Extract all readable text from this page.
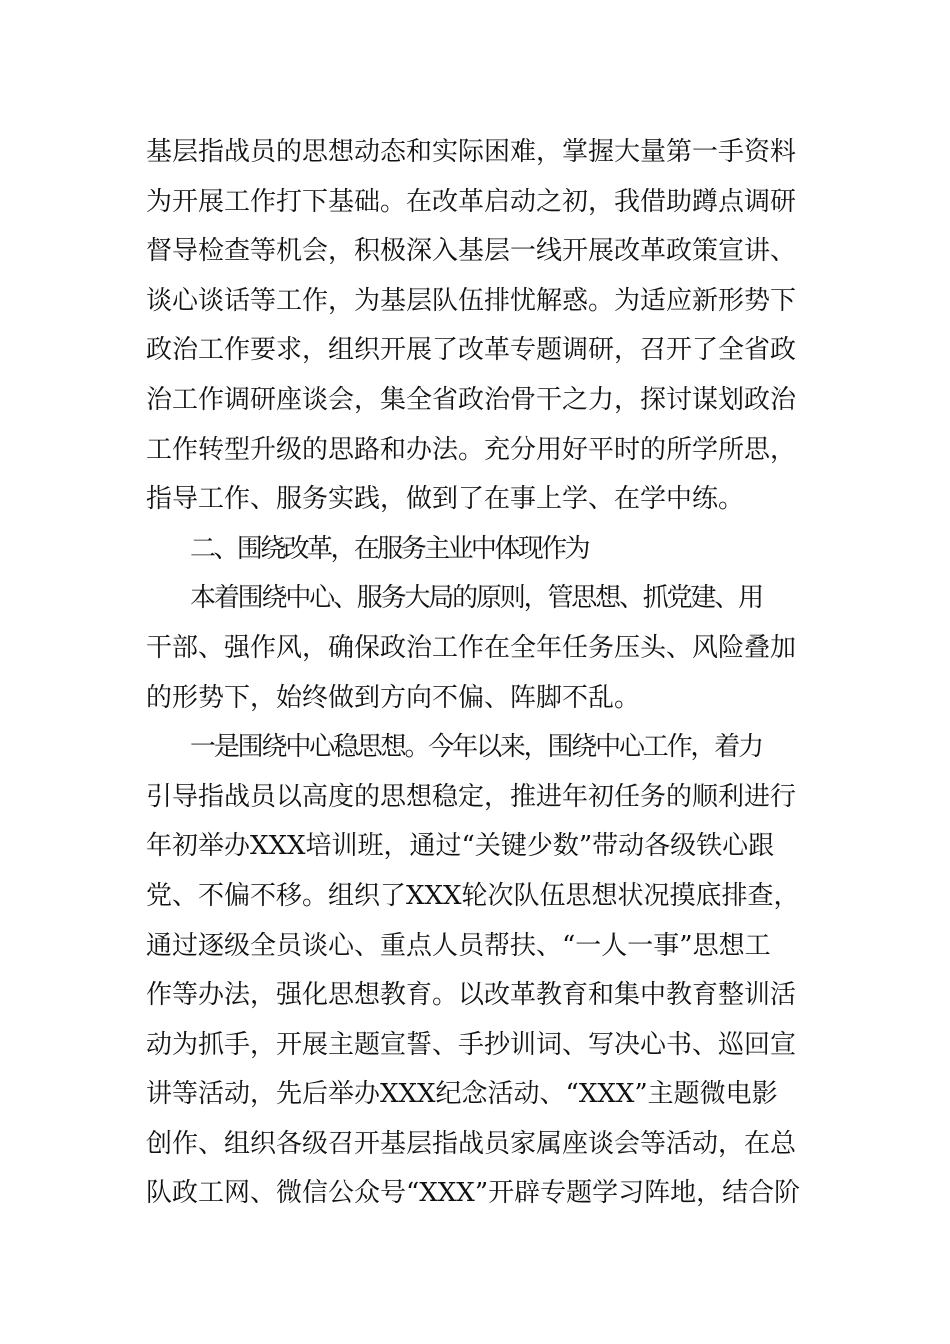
基层指战员的思想动态和实际困难，掌握大量第一手资料
为开展工作打下基础。在改革启动之初，我借助蹲点调研
督导检查等机会，积极深入基层一线开展改革政策宣讲、
谈心谈话等工作，为基层队伍排忧解惑。为适应新形势下
政治工作要求，组织开展了改革专题调研，召开了全省政
治工作调研座谈会，集全省政治骨干之力，探讨谋划政治
工作转型升级的思路和办法。充分用好平时的所学所思，
指导工作、服务实践，做到了在事上学、在学中练。
二、围绕改革，在服务主业中体现作为
本着围绕中心、服务大局的原则，管思想、抓党建、用
干部、强作风，确保政治工作在全年任务压头、风险叠加
的形势下，始终做到方向不偏、阵脚不乱。
一是围绕中心稳思想。今年以来，围绕中心工作，着力
引导指战员以高度的思想稳定，推进年初任务的顺利进行
年初举办XXX培训班，通过“关键少数”带动各级铁心跟
党、不偏不移。组织了XXX轮次队伍思想状况摸底排查，
通过逐级全员谈心、重点人员帮扶、“一人一事”思想工
作等办法，强化思想教育。以改革教育和集中教育整训活
动为抓手，开展主题宣誓、手抄训词、写决心书、巡回宣
讲等活动，先后举办XXX纪念活动、“XXX”主题微电影
创作、组织各级召开基层指战员家属座谈会等活动，在总
队政工网、微信公众号“XXX”开辟专题学习阵地，结合阶
